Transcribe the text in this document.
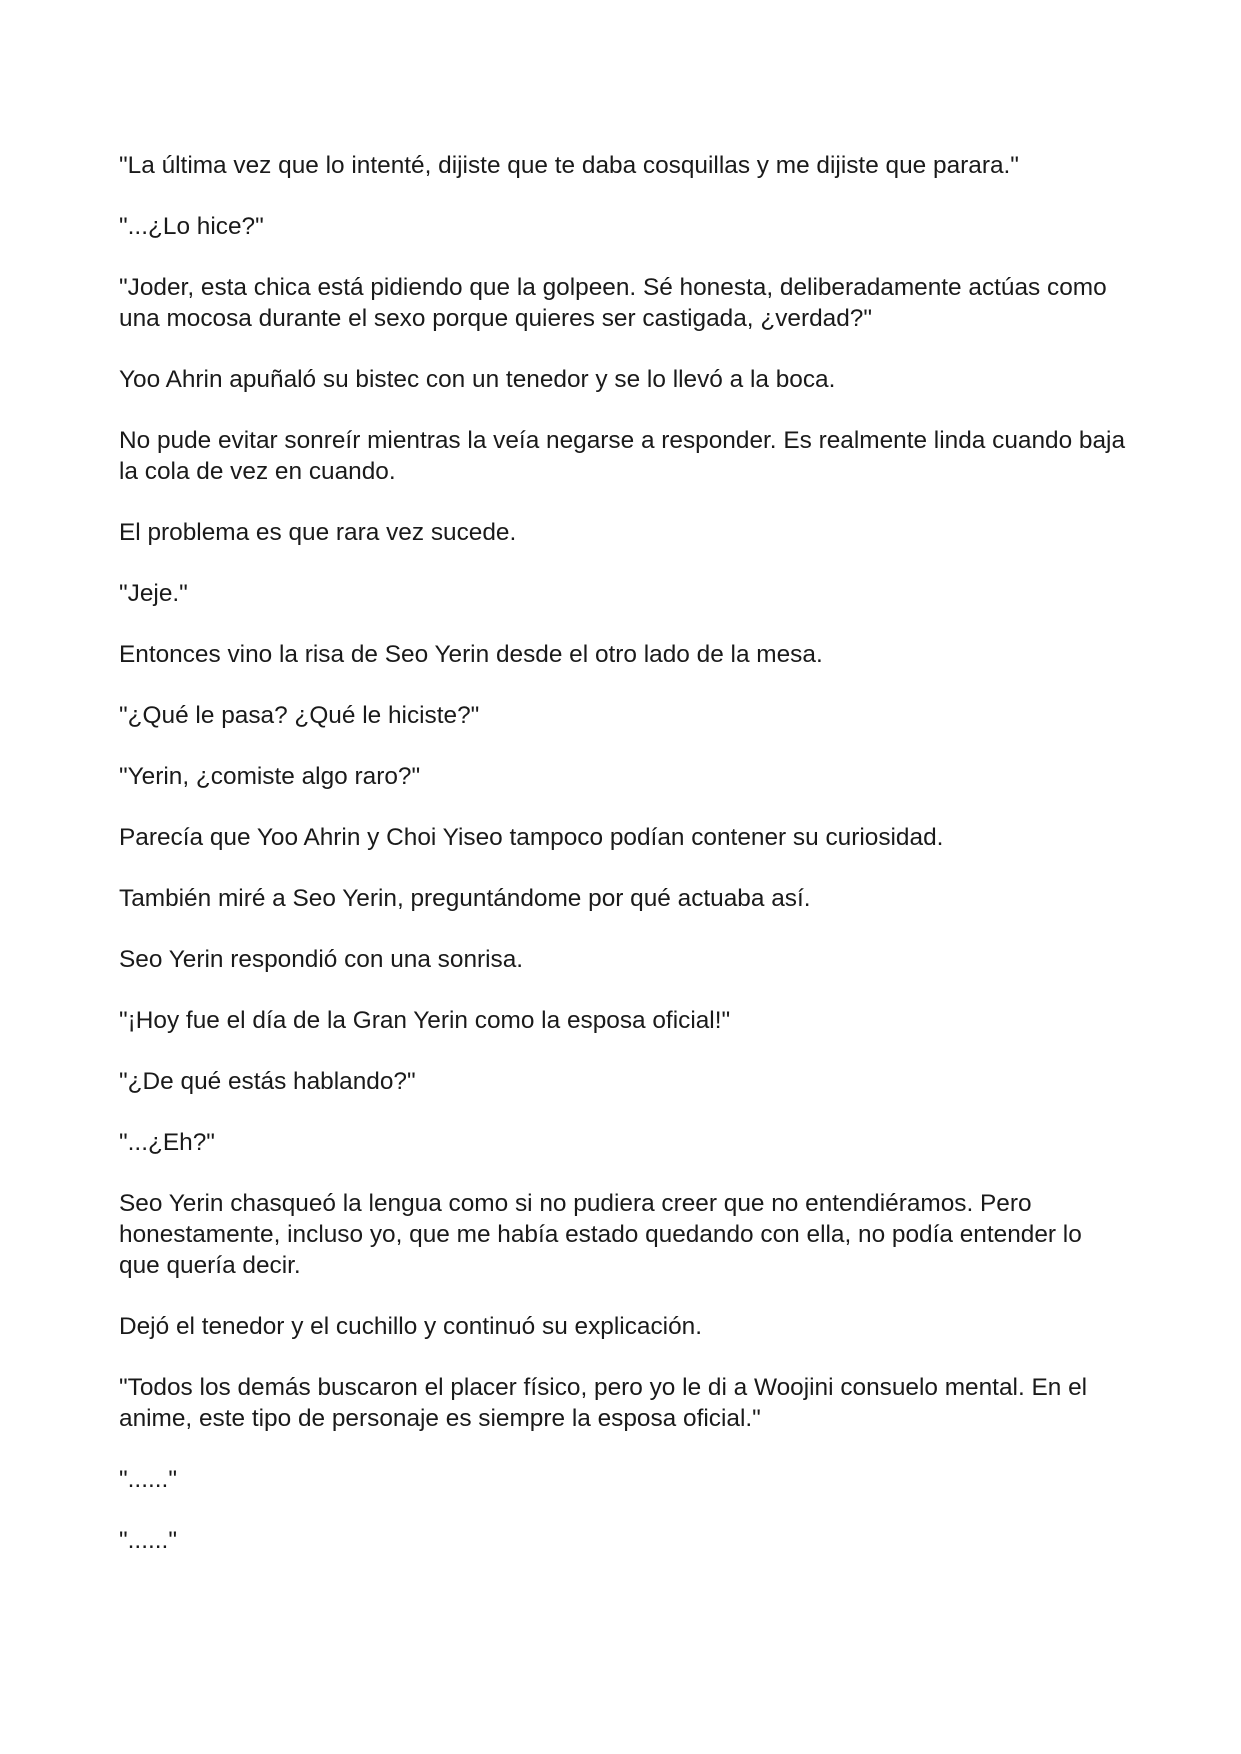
"La última vez que lo intenté, dijiste que te daba cosquillas y me dijiste que parara."

"...¿Lo hice?"

"Joder, esta chica está pidiendo que la golpeen. Sé honesta, deliberadamente actúas como una mocosa durante el sexo porque quieres ser castigada, ¿verdad?"

Yoo Ahrin apuñaló su bistec con un tenedor y se lo llevó a la boca.

No pude evitar sonreír mientras la veía negarse a responder. Es realmente linda cuando baja la cola de vez en cuando.

El problema es que rara vez sucede.

"Jeje."

Entonces vino la risa de Seo Yerin desde el otro lado de la mesa.

"¿Qué le pasa? ¿Qué le hiciste?"

"Yerin, ¿comiste algo raro?"

Parecía que Yoo Ahrin y Choi Yiseo tampoco podían contener su curiosidad.

También miré a Seo Yerin, preguntándome por qué actuaba así.

Seo Yerin respondió con una sonrisa.

"¡Hoy fue el día de la Gran Yerin como la esposa oficial!"

"¿De qué estás hablando?"

"...¿Eh?"

Seo Yerin chasqueó la lengua como si no pudiera creer que no entendiéramos. Pero honestamente, incluso yo, que me había estado quedando con ella, no podía entender lo que quería decir.

Dejó el tenedor y el cuchillo y continuó su explicación.

"Todos los demás buscaron el placer físico, pero yo le di a Woojini consuelo mental. En el anime, este tipo de personaje es siempre la esposa oficial."

"......"

"......"
